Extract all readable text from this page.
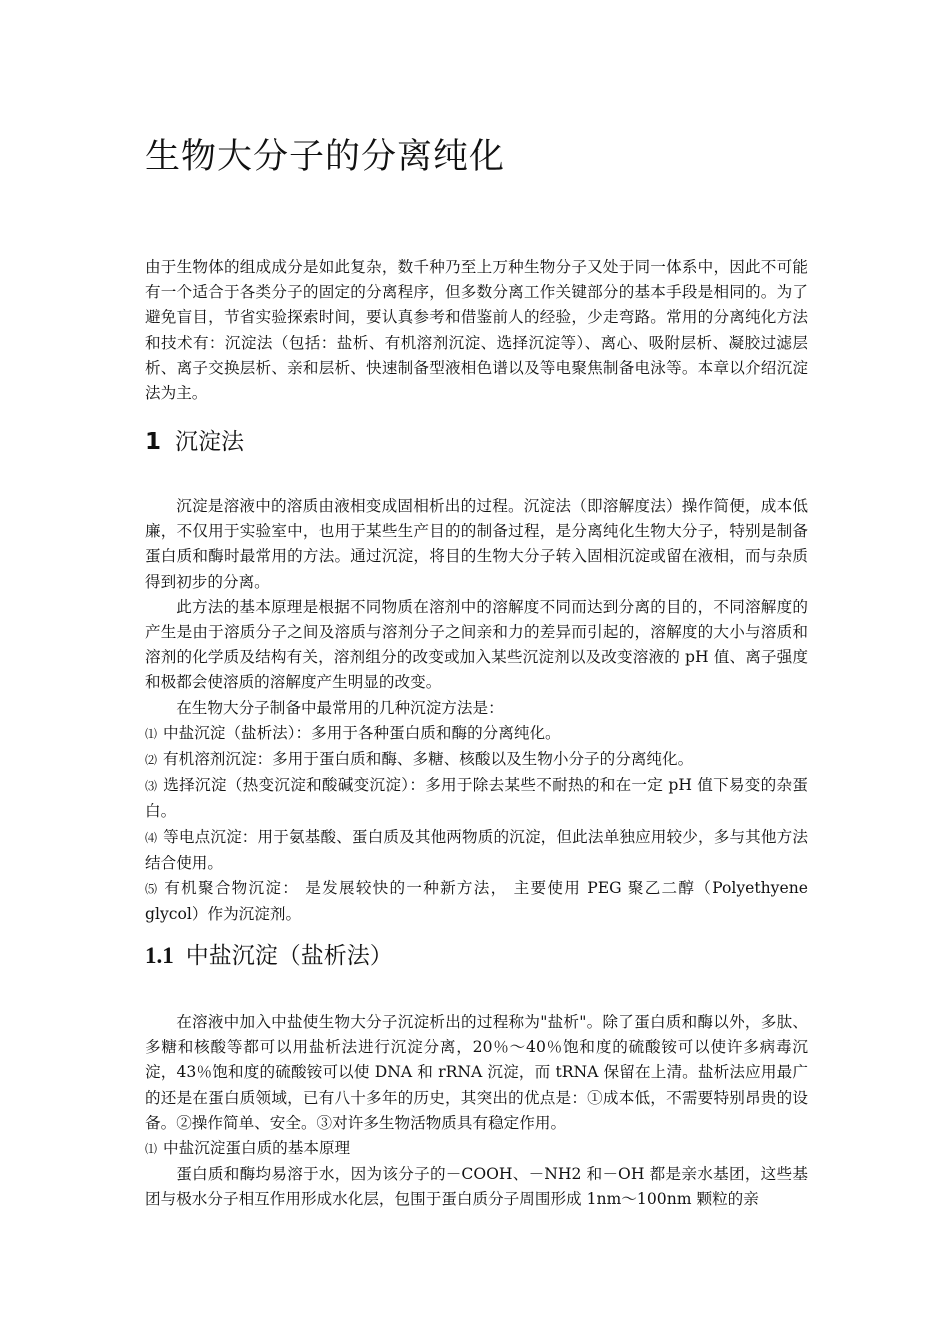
生物大分子的分离纯化

由于生物体的组成成分是如此复杂，数千种乃至上万种生物分子又处于同一体系中，因此不可能有一个适合于各类分子的固定的分离程序，但多数分离工作关键部分的基本手段是相同的。为了避免盲目，节省实验探索时间，要认真参考和借鉴前人的经验，少走弯路。常用的分离纯化方法和技术有：沉淀法（包括：盐析、有机溶剂沉淀、选择沉淀等）、离心、吸附层析、凝胶过滤层析、离子交换层析、亲和层析、快速制备型液相色谱以及等电聚焦制备电泳等。本章以介绍沉淀法为主。

1 沉淀法

沉淀是溶液中的溶质由液相变成固相析出的过程。沉淀法（即溶解度法）操作简便，成本低廉，不仅用于实验室中，也用于某些生产目的的制备过程，是分离纯化生物大分子，特别是制备蛋白质和酶时最常用的方法。通过沉淀，将目的生物大分子转入固相沉淀或留在液相，而与杂质得到初步的分离。

此方法的基本原理是根据不同物质在溶剂中的溶解度不同而达到分离的目的，不同溶解度的产生是由于溶质分子之间及溶质与溶剂分子之间亲和力的差异而引起的，溶解度的大小与溶质和溶剂的化学质及结构有关，溶剂组分的改变或加入某些沉淀剂以及改变溶液的 pH 值、离子强度和极都会使溶质的溶解度产生明显的改变。

在生物大分子制备中最常用的几种沉淀方法是：

⑴ 中盐沉淀（盐析法）：多用于各种蛋白质和酶的分离纯化。

⑵ 有机溶剂沉淀：多用于蛋白质和酶、多糖、核酸以及生物小分子的分离纯化。

⑶ 选择沉淀（热变沉淀和酸碱变沉淀）：多用于除去某些不耐热的和在一定 pH 值下易变的杂蛋白。

⑷ 等电点沉淀：用于氨基酸、蛋白质及其他两物质的沉淀，但此法单独应用较少，多与其他方法结合使用。

⑸ 有机聚合物沉淀： 是发展较快的一种新方法， 主要使用 PEG 聚乙二醇（Polyethyene glycol）作为沉淀剂。

1.1 中盐沉淀（盐析法）

在溶液中加入中盐使生物大分子沉淀析出的过程称为"盐析"。除了蛋白质和酶以外，多肽、多糖和核酸等都可以用盐析法进行沉淀分离，20％～40％饱和度的硫酸铵可以使许多病毒沉淀，43％饱和度的硫酸铵可以使 DNA 和 rRNA 沉淀，而 tRNA 保留在上清。盐析法应用最广的还是在蛋白质领域，已有八十多年的历史，其突出的优点是：①成本低，不需要特别昂贵的设备。②操作简单、安全。③对许多生物活物质具有稳定作用。

⑴ 中盐沉淀蛋白质的基本原理

蛋白质和酶均易溶于水，因为该分子的－COOH、－NH2 和－OH 都是亲水基团，这些基团与极水分子相互作用形成水化层，包围于蛋白质分子周围形成 1nm～100nm 颗粒的亲
